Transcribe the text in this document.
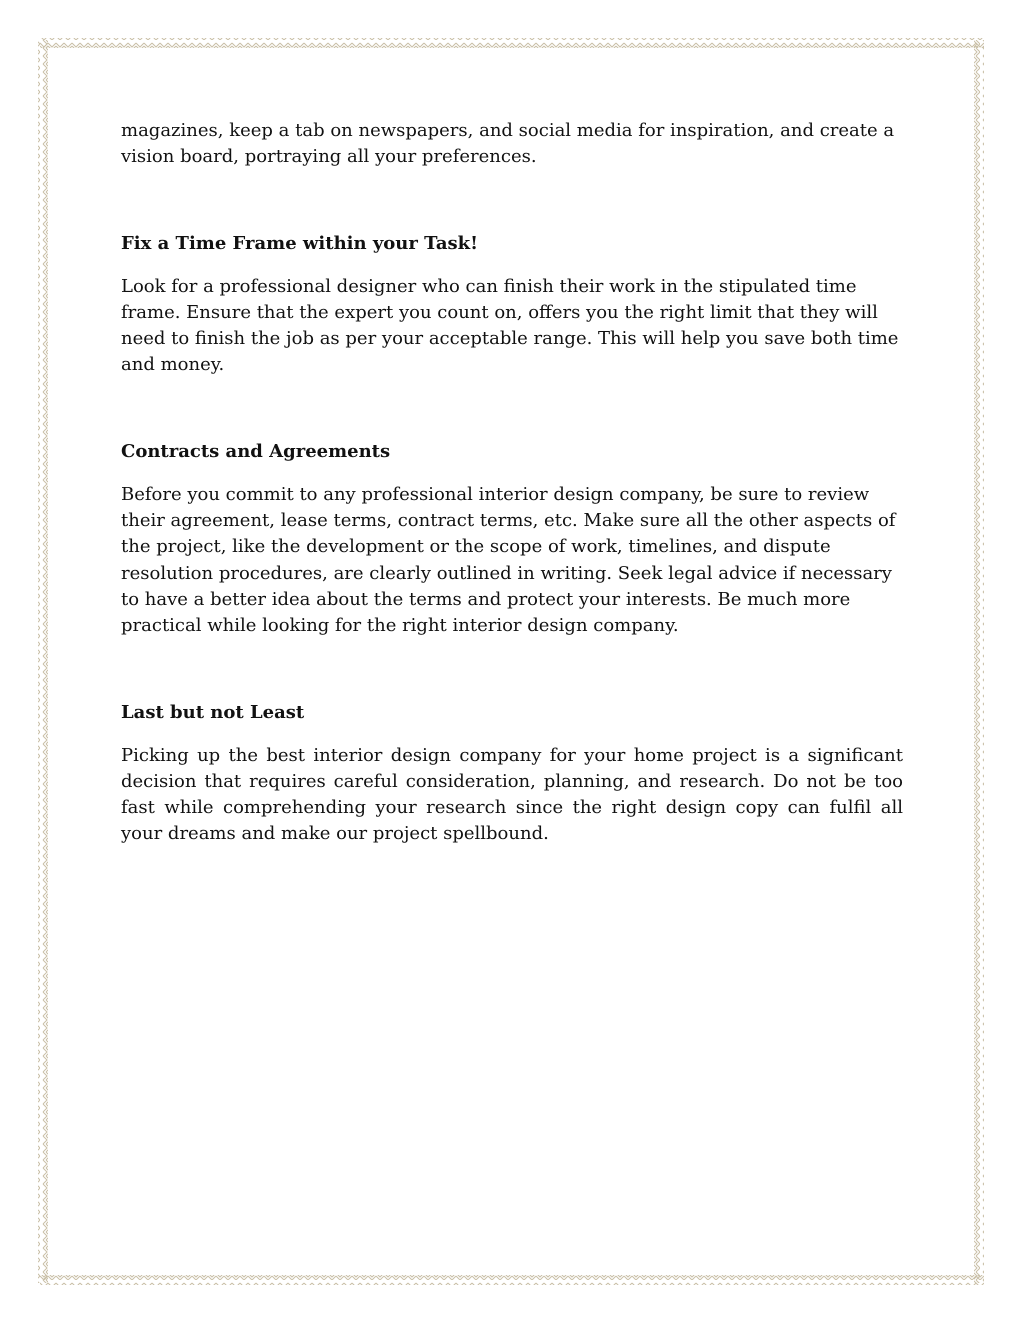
magazines, keep a tab on newspapers, and social media for inspiration, and create a vision board, portraying all your preferences.

Fix a Time Frame within your Task!

Look for a professional designer who can finish their work in the stipulated time frame. Ensure that the expert you count on, offers you the right limit that they will need to finish the job as per your acceptable range. This will help you save both time and money.

Contracts and Agreements

Before you commit to any professional interior design company, be sure to review their agreement, lease terms, contract terms, etc. Make sure all the other aspects of the project, like the development or the scope of work, timelines, and dispute resolution procedures, are clearly outlined in writing. Seek legal advice if necessary to have a better idea about the terms and protect your interests. Be much more practical while looking for the right interior design company.

Last but not Least

Picking up the best interior design company for your home project is a significant decision that requires careful consideration, planning, and research. Do not be too fast while comprehending your research since the right design copy can fulfil all your dreams and make our project spellbound.
